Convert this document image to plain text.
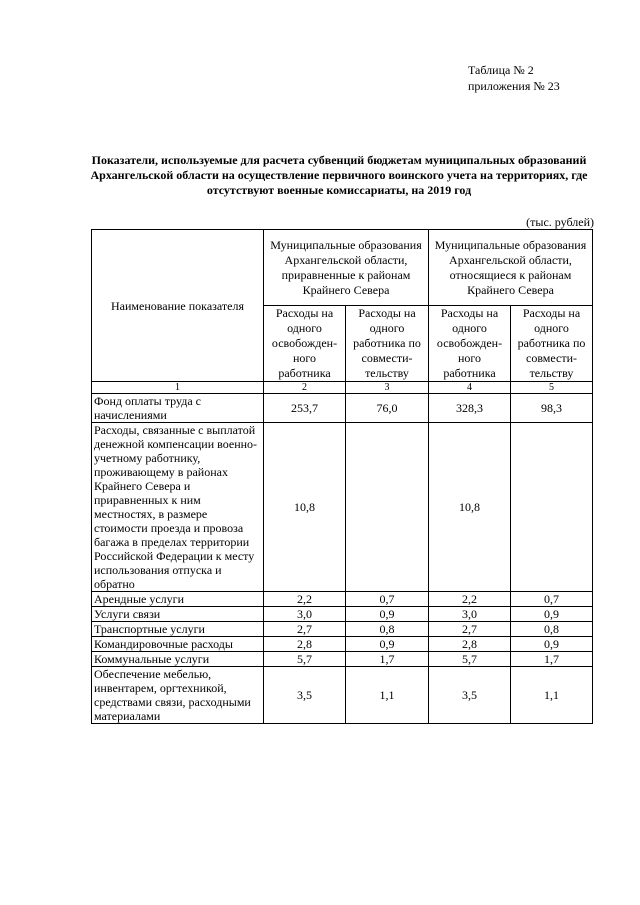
Таблица № 2
приложения № 23
Показатели, используемые для расчета субвенций бюджетам муниципальных образований Архангельской области на осуществление первичного воинского учета на территориях, где отсутствуют военные комиссариаты, на 2019 год
(тыс. рублей)
Наименование показателя	Муниципальные образования Архангельской области, приравненные к районам Крайнего Севера		Муниципальные образования Архангельской области, относящиеся к районам Крайнего Севера	
	Расходы на одного освобожден-ного работника	Расходы на одного работника по совмести-тельству	Расходы на одного освобожден-ного работника	Расходы на одного работника по совмести-тельству
1	2	3	4	5
Фонд оплаты труда с начислениями	253,7	76,0	328,3	98,3
Расходы, связанные с выплатой денежной компенсации военно-учетному работнику, проживающему в районах Крайнего Севера и приравненных к ним местностях, в размере стоимости проезда и провоза багажа в пределах территории Российской Федерации к месту использования отпуска и обратно	10,8		10,8	
Арендные услуги	2,2	0,7	2,2	0,7
Услуги связи	3,0	0,9	3,0	0,9
Транспортные услуги	2,7	0,8	2,7	0,8
Командировочные расходы	2,8	0,9	2,8	0,9
Коммунальные услуги	5,7	1,7	5,7	1,7
Обеспечение мебелью, инвентарем, оргтехникой, средствами связи, расходными материалами	3,5	1,1	3,5	1,1
